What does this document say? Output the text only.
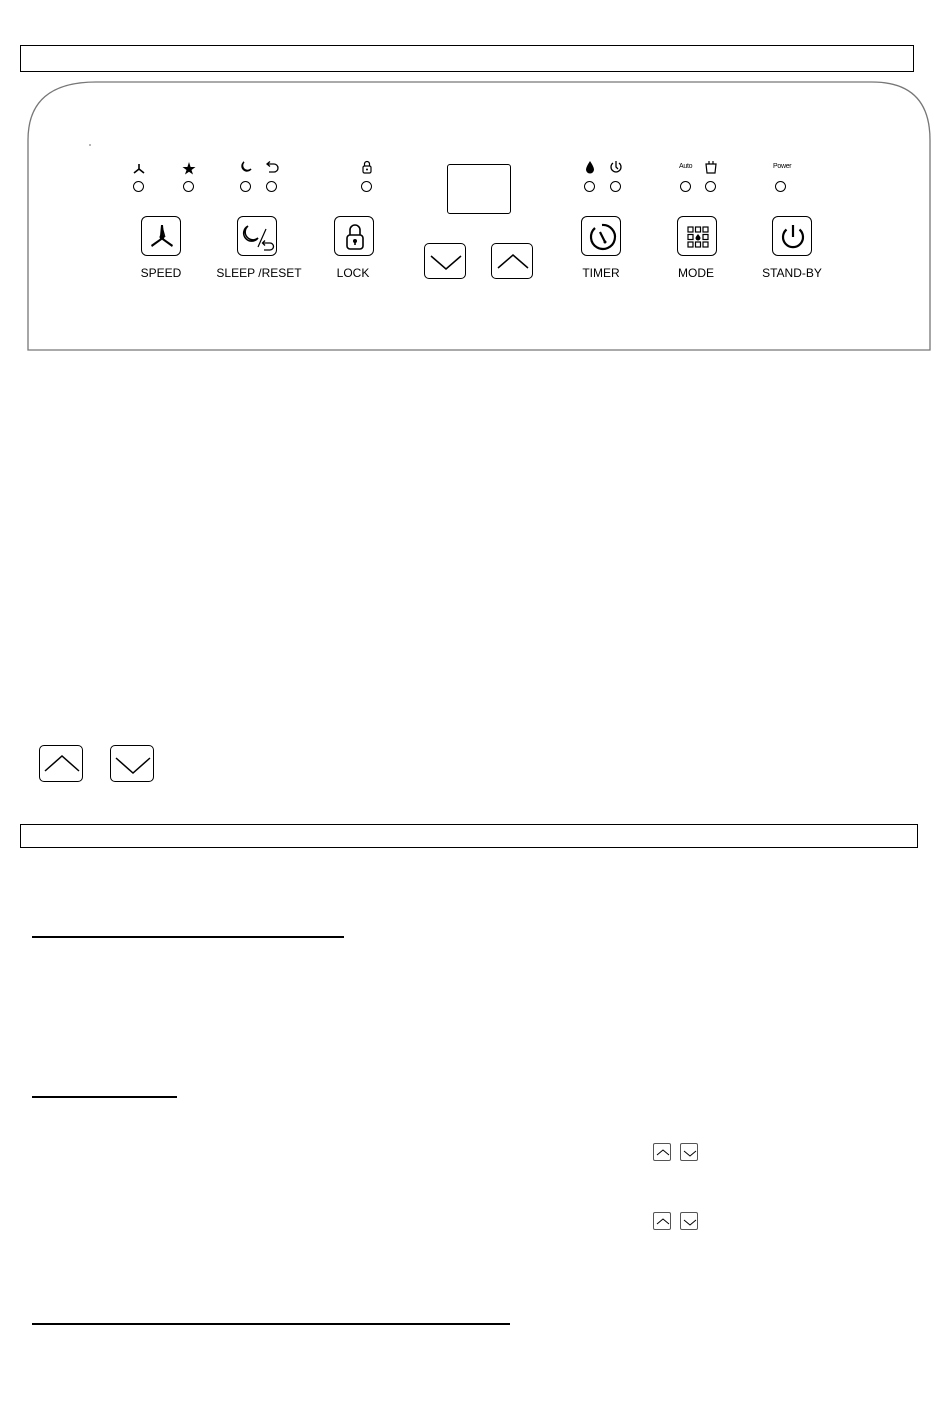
Auto	Power
SPEED	SLEEP /RESET	LOCK	TIMER	MODE	STAND-BY
